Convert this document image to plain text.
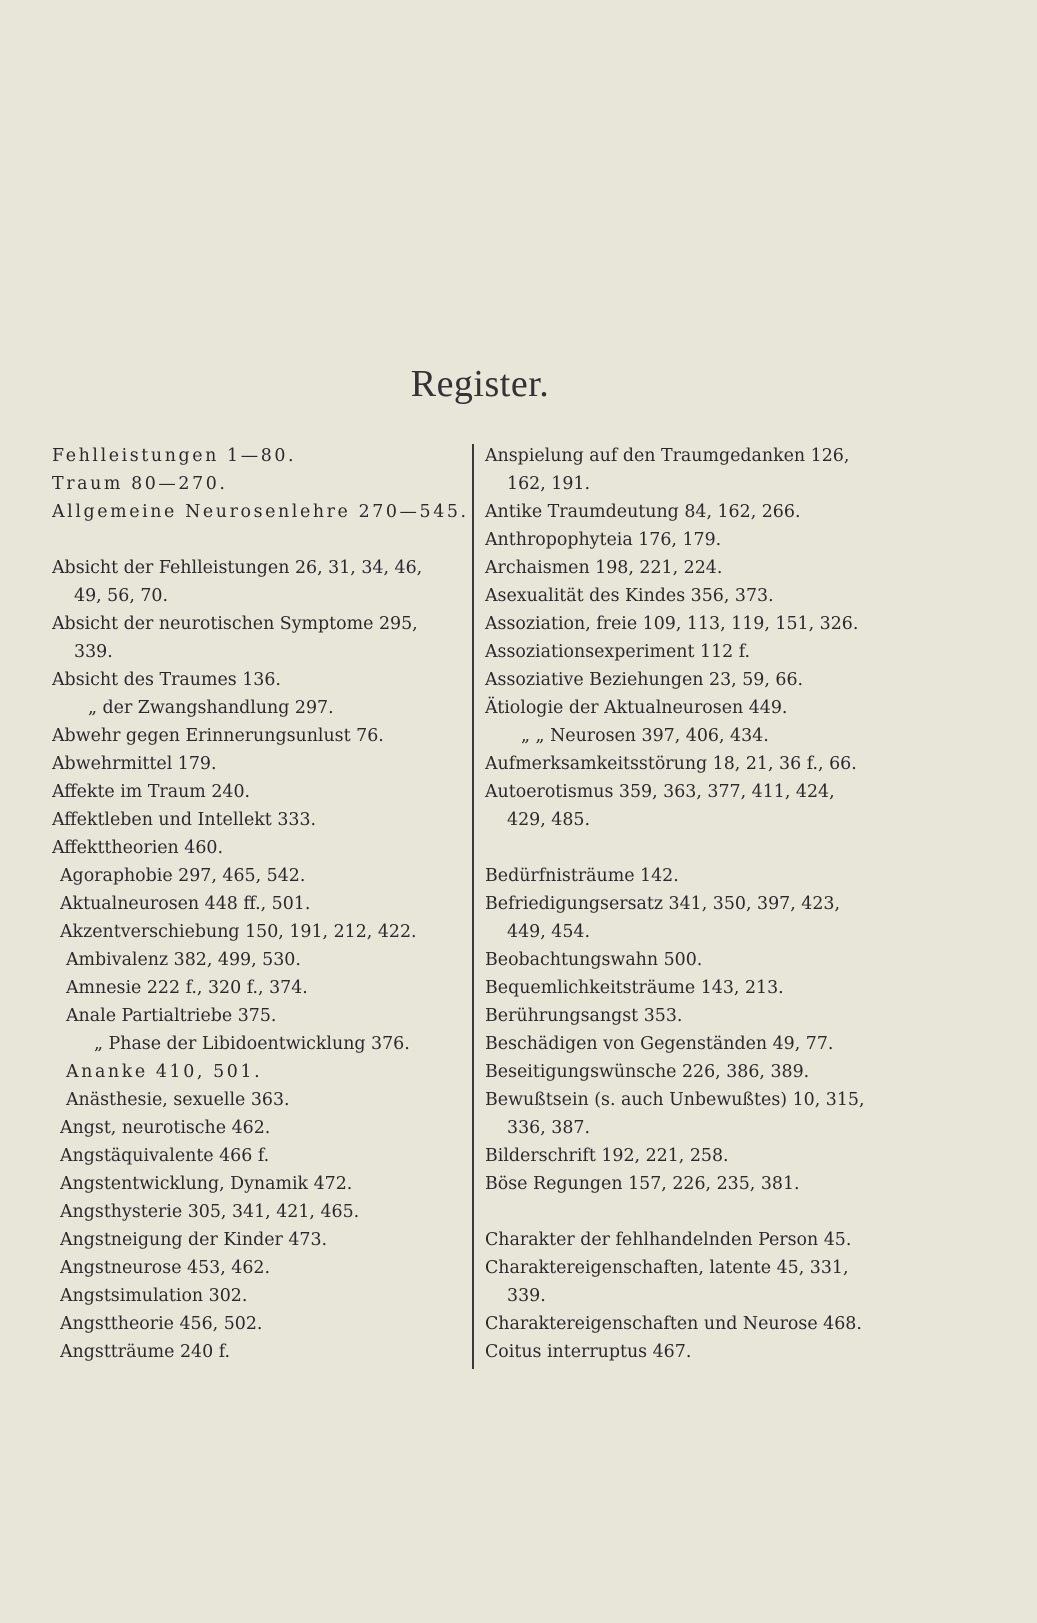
Register.
Fehlleistungen 1—80.
Traum 80—270.
Allgemeine Neurosenlehre 270—545.
Absicht der Fehlleistungen 26, 31, 34, 46,
49, 56, 70.
Absicht der neurotischen Symptome 295,
339.
Absicht des Traumes 136.
„ der Zwangshandlung 297.
Abwehr gegen Erinnerungsunlust 76.
Abwehrmittel 179.
Affekte im Traum 240.
Affektleben und Intellekt 333.
Affekttheorien 460.
Agoraphobie 297, 465, 542.
Aktualneurosen 448 ff., 501.
Akzentverschiebung 150, 191, 212, 422.
Ambivalenz 382, 499, 530.
Amnesie 222 f., 320 f., 374.
Anale Partialtriebe 375.
„ Phase der Libidoentwicklung 376.
Ananke 410, 501.
Anästhesie, sexuelle 363.
Angst, neurotische 462.
Angstäquivalente 466 f.
Angstentwicklung, Dynamik 472.
Angsthysterie 305, 341, 421, 465.
Angstneigung der Kinder 473.
Angstneurose 453, 462.
Angstsimulation 302.
Angsttheorie 456, 502.
Angstträume 240 f.
Anspielung auf den Traumgedanken 126,
162, 191.
Antike Traumdeutung 84, 162, 266.
Anthropophyteia 176, 179.
Archaismen 198, 221, 224.
Asexualität des Kindes 356, 373.
Assoziation, freie 109, 113, 119, 151, 326.
Assoziationsexperiment 112 f.
Assoziative Beziehungen 23, 59, 66.
Ätiologie der Aktualneurosen 449.
„ „ Neurosen 397, 406, 434.
Aufmerksamkeitsstörung 18, 21, 36 f., 66.
Autoerotismus 359, 363, 377, 411, 424,
429, 485.
Bedürfnisträume 142.
Befriedigungsersatz 341, 350, 397, 423,
449, 454.
Beobachtungswahn 500.
Bequemlichkeitsträume 143, 213.
Berührungsangst 353.
Beschädigen von Gegenständen 49, 77.
Beseitigungswünsche 226, 386, 389.
Bewußtsein (s. auch Unbewußtes) 10, 315,
336, 387.
Bilderschrift 192, 221, 258.
Böse Regungen 157, 226, 235, 381.
Charakter der fehlhandelnden Person 45.
Charaktereigenschaften, latente 45, 331,
339.
Charaktereigenschaften und Neurose 468.
Coitus interruptus 467.
